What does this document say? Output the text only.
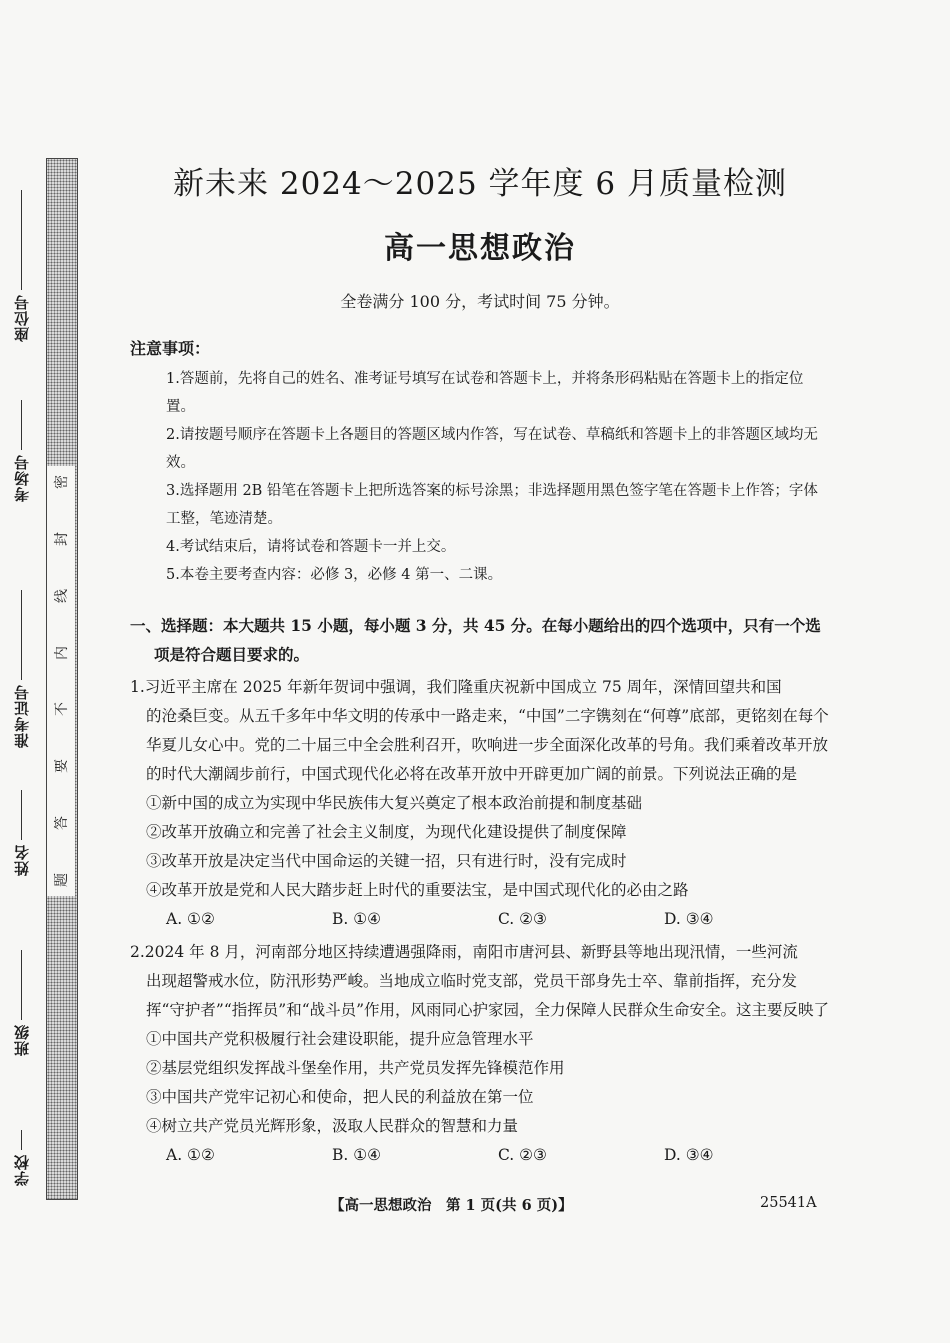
座位号
考场号
准考证号
姓名
班级
学校
密
封
线
内
不
要
答
题
新未来 2024～2025 学年度 6 月质量检测
高一思想政治
全卷满分 100 分，考试时间 75 分钟。
注意事项：
1.答题前，先将自己的姓名、准考证号填写在试卷和答题卡上，并将条形码粘贴在答题卡上的指定位置。
2.请按题号顺序在答题卡上各题目的答题区域内作答，写在试卷、草稿纸和答题卡上的非答题区域均无效。
3.选择题用 2B 铅笔在答题卡上把所选答案的标号涂黑；非选择题用黑色签字笔在答题卡上作答；字体工整，笔迹清楚。
4.考试结束后，请将试卷和答题卡一并上交。
5.本卷主要考查内容：必修 3，必修 4 第一、二课。
一、选择题：本大题共 15 小题，每小题 3 分，共 45 分。在每小题给出的四个选项中，只有一个选
项是符合题目要求的。
1.习近平主席在 2025 年新年贺词中强调，我们隆重庆祝新中国成立 75 周年，深情回望共和国
的沧桑巨变。从五千多年中华文明的传承中一路走来，“中国”二字镌刻在“何尊”底部，更铭刻在每个华夏儿女心中。党的二十届三中全会胜利召开，吹响进一步全面深化改革的号角。我们乘着改革开放的时代大潮阔步前行，中国式现代化必将在改革开放中开辟更加广阔的前景。下列说法正确的是
①新中国的成立为实现中华民族伟大复兴奠定了根本政治前提和制度基础
②改革开放确立和完善了社会主义制度，为现代化建设提供了制度保障
③改革开放是决定当代中国命运的关键一招，只有进行时，没有完成时
④改革开放是党和人民大踏步赶上时代的重要法宝，是中国式现代化的必由之路
A. ①②	B. ①④	C. ②③	D. ③④
2.2024 年 8 月，河南部分地区持续遭遇强降雨，南阳市唐河县、新野县等地出现汛情，一些河流
出现超警戒水位，防汛形势严峻。当地成立临时党支部，党员干部身先士卒、靠前指挥，充分发挥“守护者”“指挥员”和“战斗员”作用，风雨同心护家园，全力保障人民群众生命安全。这主要反映了
①中国共产党积极履行社会建设职能，提升应急管理水平
②基层党组织发挥战斗堡垒作用，共产党员发挥先锋模范作用
③中国共产党牢记初心和使命，把人民的利益放在第一位
④树立共产党员光辉形象，汲取人民群众的智慧和力量
A. ①②	B. ①④	C. ②③	D. ③④
【高一思想政治　第 1 页(共 6 页)】	25541A
